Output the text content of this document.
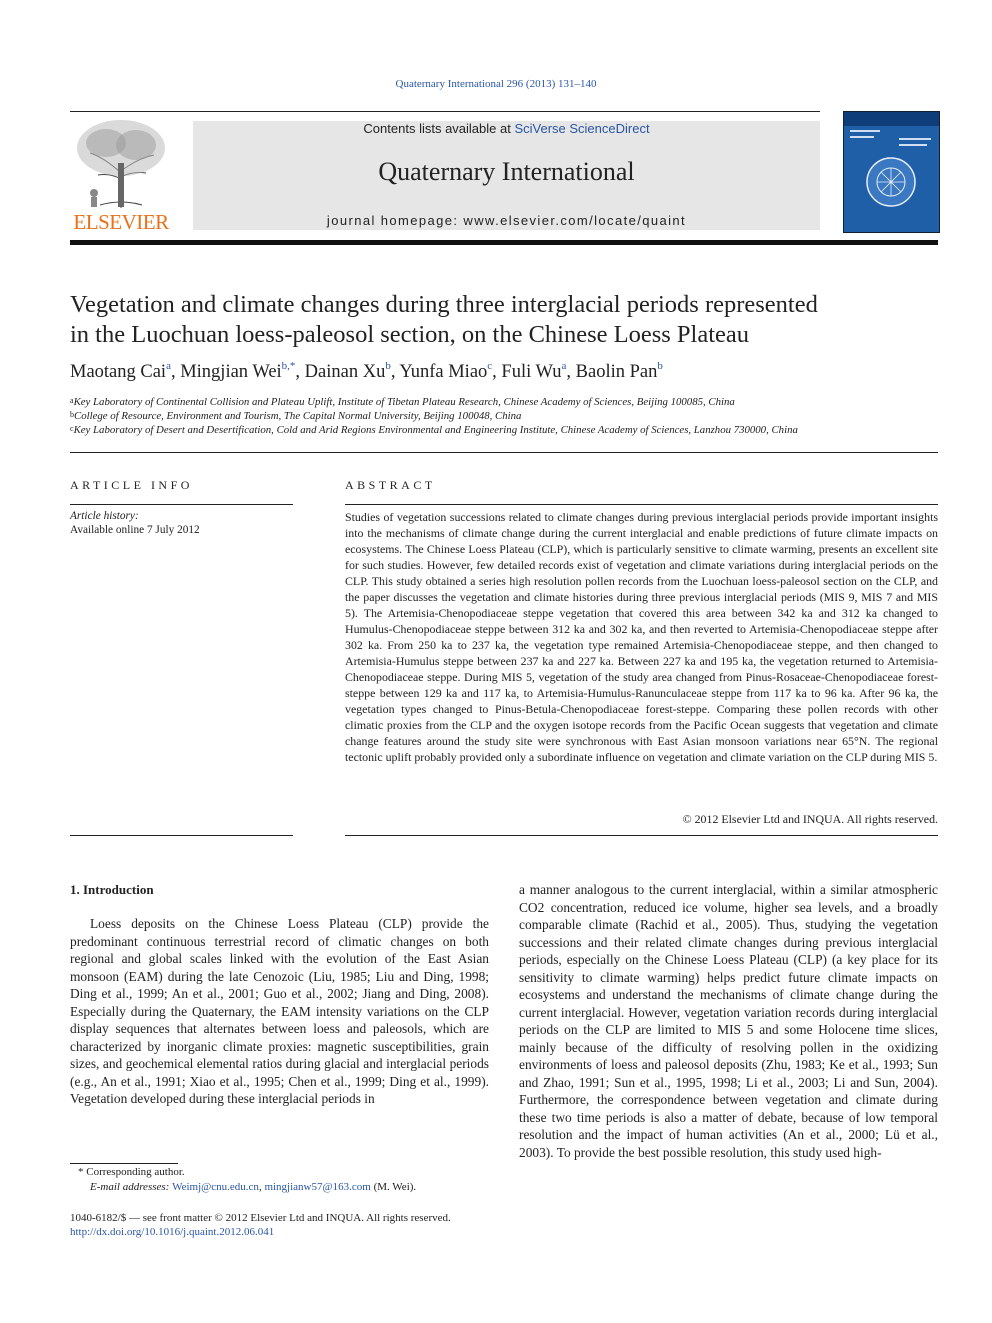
Quaternary International 296 (2013) 131–140
ELSEVIER
Contents lists available at SciVerse ScienceDirect
Quaternary International
journal homepage: www.elsevier.com/locate/quaint
Vegetation and climate changes during three interglacial periods represented
in the Luochuan loess-paleosol section, on the Chinese Loess Plateau
Maotang Cai$^a$, Mingjian Wei$^{b,*}$, Dainan Xu$^b$, Yunfa Miao$^c$, Fuli Wu$^a$, Baolin Pan$^b$
$^a$Key Laboratory of Continental Collision and Plateau Uplift, Institute of Tibetan Plateau Research, Chinese Academy of Sciences, Beijing 100085, China
$^b$College of Resource, Environment and Tourism, The Capital Normal University, Beijing 100048, China
$^c$Key Laboratory of Desert and Desertification, Cold and Arid Regions Environmental and Engineering Institute, Chinese Academy of Sciences, Lanzhou 730000, China
ARTICLE INFO
Article history:
Available online 7 July 2012
ABSTRACT
Studies of vegetation successions related to climate changes during previous interglacial periods provide important insights into the mechanisms of climate change during the current interglacial and enable predictions of future climate impacts on ecosystems. The Chinese Loess Plateau (CLP), which is particularly sensitive to climate warming, presents an excellent site for such studies. However, few detailed records exist of vegetation and climate variations during interglacial periods on the CLP. This study obtained a series high resolution pollen records from the Luochuan loess-paleosol section on the CLP, and the paper discusses the vegetation and climate histories during three previous interglacial periods (MIS 9, MIS 7 and MIS 5). The Artemisia-Chenopodiaceae steppe vegetation that covered this area between 342 ka and 312 ka changed to Humulus-Chenopodiaceae steppe between 312 ka and 302 ka, and then reverted to Artemisia-Chenopodiaceae steppe after 302 ka. From 250 ka to 237 ka, the vegetation type remained Artemisia-Chenopodiaceae steppe, and then changed to Artemisia-Humulus steppe between 237 ka and 227 ka. Between 227 ka and 195 ka, the vegetation returned to Artemisia-Chenopodiaceae steppe. During MIS 5, vegetation of the study area changed from Pinus-Rosaceae-Chenopodiaceae forest-steppe between 129 ka and 117 ka, to Artemisia-Humulus-Ranunculaceae steppe from 117 ka to 96 ka. After 96 ka, the vegetation types changed to Pinus-Betula-Chenopodiaceae forest-steppe. Comparing these pollen records with other climatic proxies from the CLP and the oxygen isotope records from the Pacific Ocean suggests that vegetation and climate change features around the study site were synchronous with East Asian monsoon variations near 65°N. The regional tectonic uplift probably provided only a subordinate influence on vegetation and climate variation on the CLP during MIS 5.
© 2012 Elsevier Ltd and INQUA. All rights reserved.
1. Introduction
Loess deposits on the Chinese Loess Plateau (CLP) provide the predominant continuous terrestrial record of climatic changes on both regional and global scales linked with the evolution of the East Asian monsoon (EAM) during the late Cenozoic (Liu, 1985; Liu and Ding, 1998; Ding et al., 1999; An et al., 2001; Guo et al., 2002; Jiang and Ding, 2008). Especially during the Quaternary, the EAM intensity variations on the CLP display sequences that alternates between loess and paleosols, which are characterized by inorganic climate proxies: magnetic susceptibilities, grain sizes, and geochemical elemental ratios during glacial and interglacial periods (e.g., An et al., 1991; Xiao et al., 1995; Chen et al., 1999; Ding et al., 1999). Vegetation developed during these interglacial periods in
a manner analogous to the current interglacial, within a similar atmospheric CO2 concentration, reduced ice volume, higher sea levels, and a broadly comparable climate (Rachid et al., 2005). Thus, studying the vegetation successions and their related climate changes during previous interglacial periods, especially on the Chinese Loess Plateau (CLP) (a key place for its sensitivity to climate warming) helps predict future climate impacts on ecosystems and understand the mechanisms of climate change during the current interglacial. However, vegetation variation records during interglacial periods on the CLP are limited to MIS 5 and some Holocene time slices, mainly because of the difficulty of resolving pollen in the oxidizing environments of loess and paleosol deposits (Zhu, 1983; Ke et al., 1993; Sun and Zhao, 1991; Sun et al., 1995, 1998; Li et al., 2003; Li and Sun, 2004). Furthermore, the correspondence between vegetation and climate during these two time periods is also a matter of debate, because of low temporal resolution and the impact of human activities (An et al., 2000; Lü et al., 2003). To provide the best possible resolution, this study used high-
* Corresponding author.
E-mail addresses: Weimj@cnu.edu.cn, mingjianw57@163.com (M. Wei).
1040-6182/$ — see front matter © 2012 Elsevier Ltd and INQUA. All rights reserved.
http://dx.doi.org/10.1016/j.quaint.2012.06.041
